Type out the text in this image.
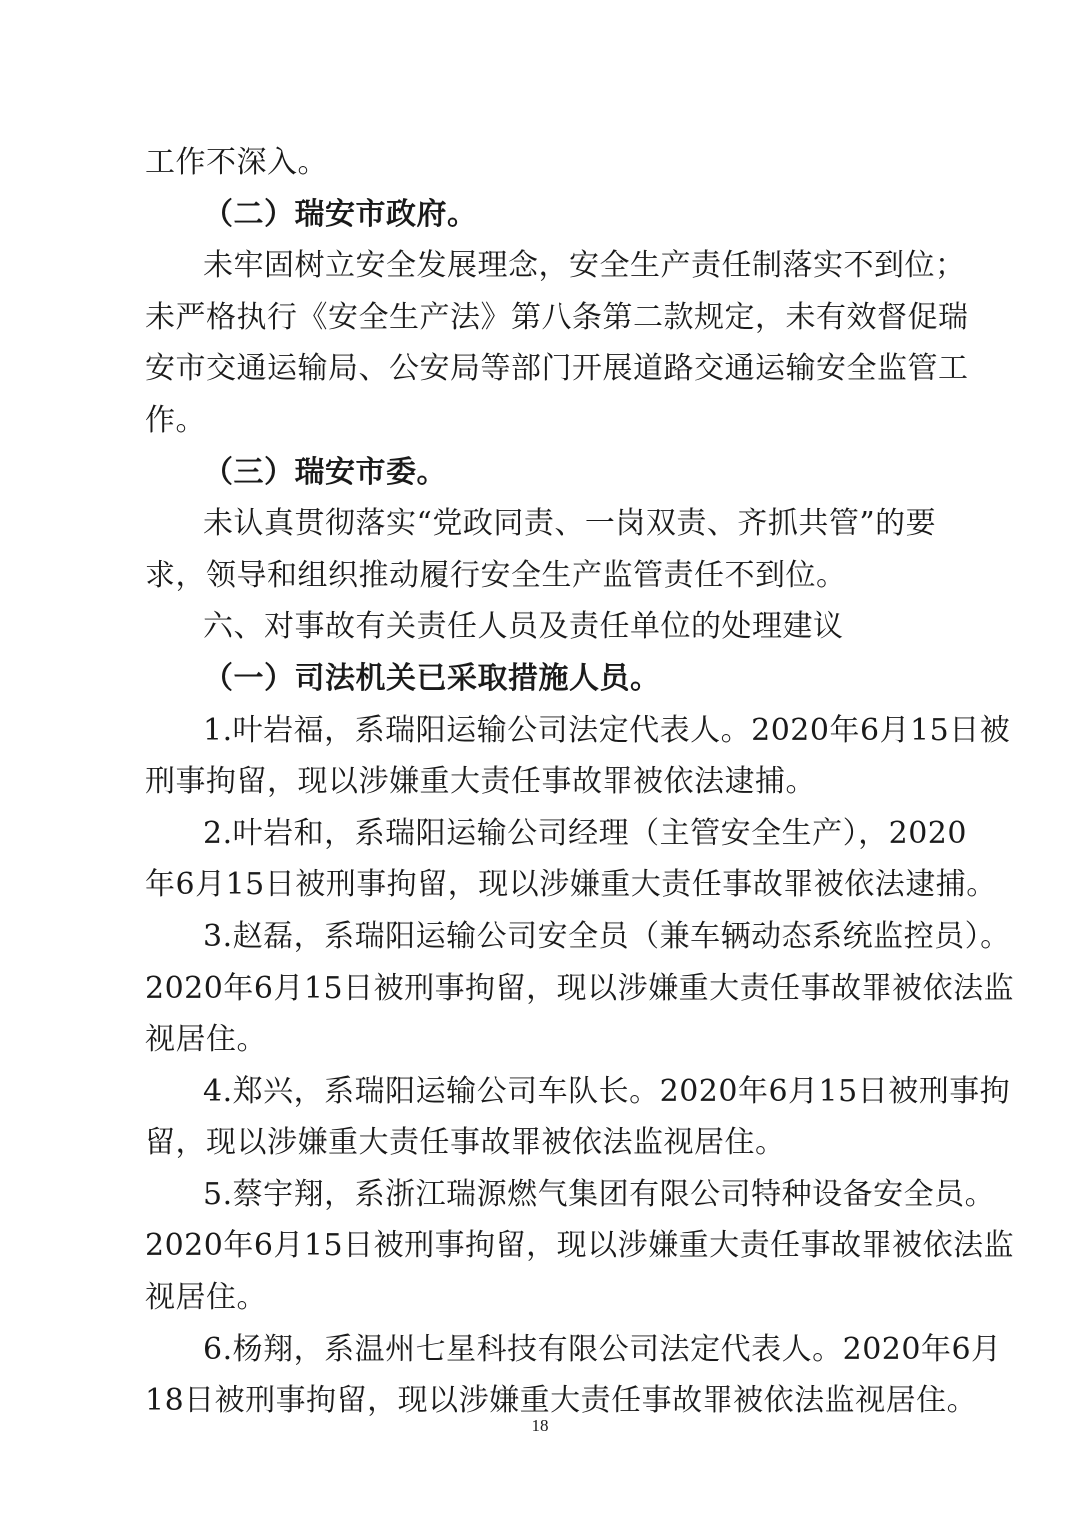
工作不深入。
（二）瑞安市政府。
未牢固树立安全发展理念，安全生产责任制落实不到位；
未严格执行《安全生产法》第八条第二款规定，未有效督促瑞
安市交通运输局、公安局等部门开展道路交通运输安全监管工
作。
（三）瑞安市委。
未认真贯彻落实“党政同责、一岗双责、齐抓共管”的要
求，领导和组织推动履行安全生产监管责任不到位。
六、对事故有关责任人员及责任单位的处理建议
（一）司法机关已采取措施人员。
1.叶岩福，系瑞阳运输公司法定代表人。2020年6月15日被
刑事拘留，现以涉嫌重大责任事故罪被依法逮捕。
2.叶岩和，系瑞阳运输公司经理（主管安全生产），2020
年6月15日被刑事拘留，现以涉嫌重大责任事故罪被依法逮捕。
3.赵磊，系瑞阳运输公司安全员（兼车辆动态系统监控员）。
2020年6月15日被刑事拘留，现以涉嫌重大责任事故罪被依法监
视居住。
4.郑兴，系瑞阳运输公司车队长。2020年6月15日被刑事拘
留，现以涉嫌重大责任事故罪被依法监视居住。
5.蔡宇翔，系浙江瑞源燃气集团有限公司特种设备安全员。
2020年6月15日被刑事拘留，现以涉嫌重大责任事故罪被依法监
视居住。
6.杨翔，系温州七星科技有限公司法定代表人。2020年6月
18日被刑事拘留，现以涉嫌重大责任事故罪被依法监视居住。
18
